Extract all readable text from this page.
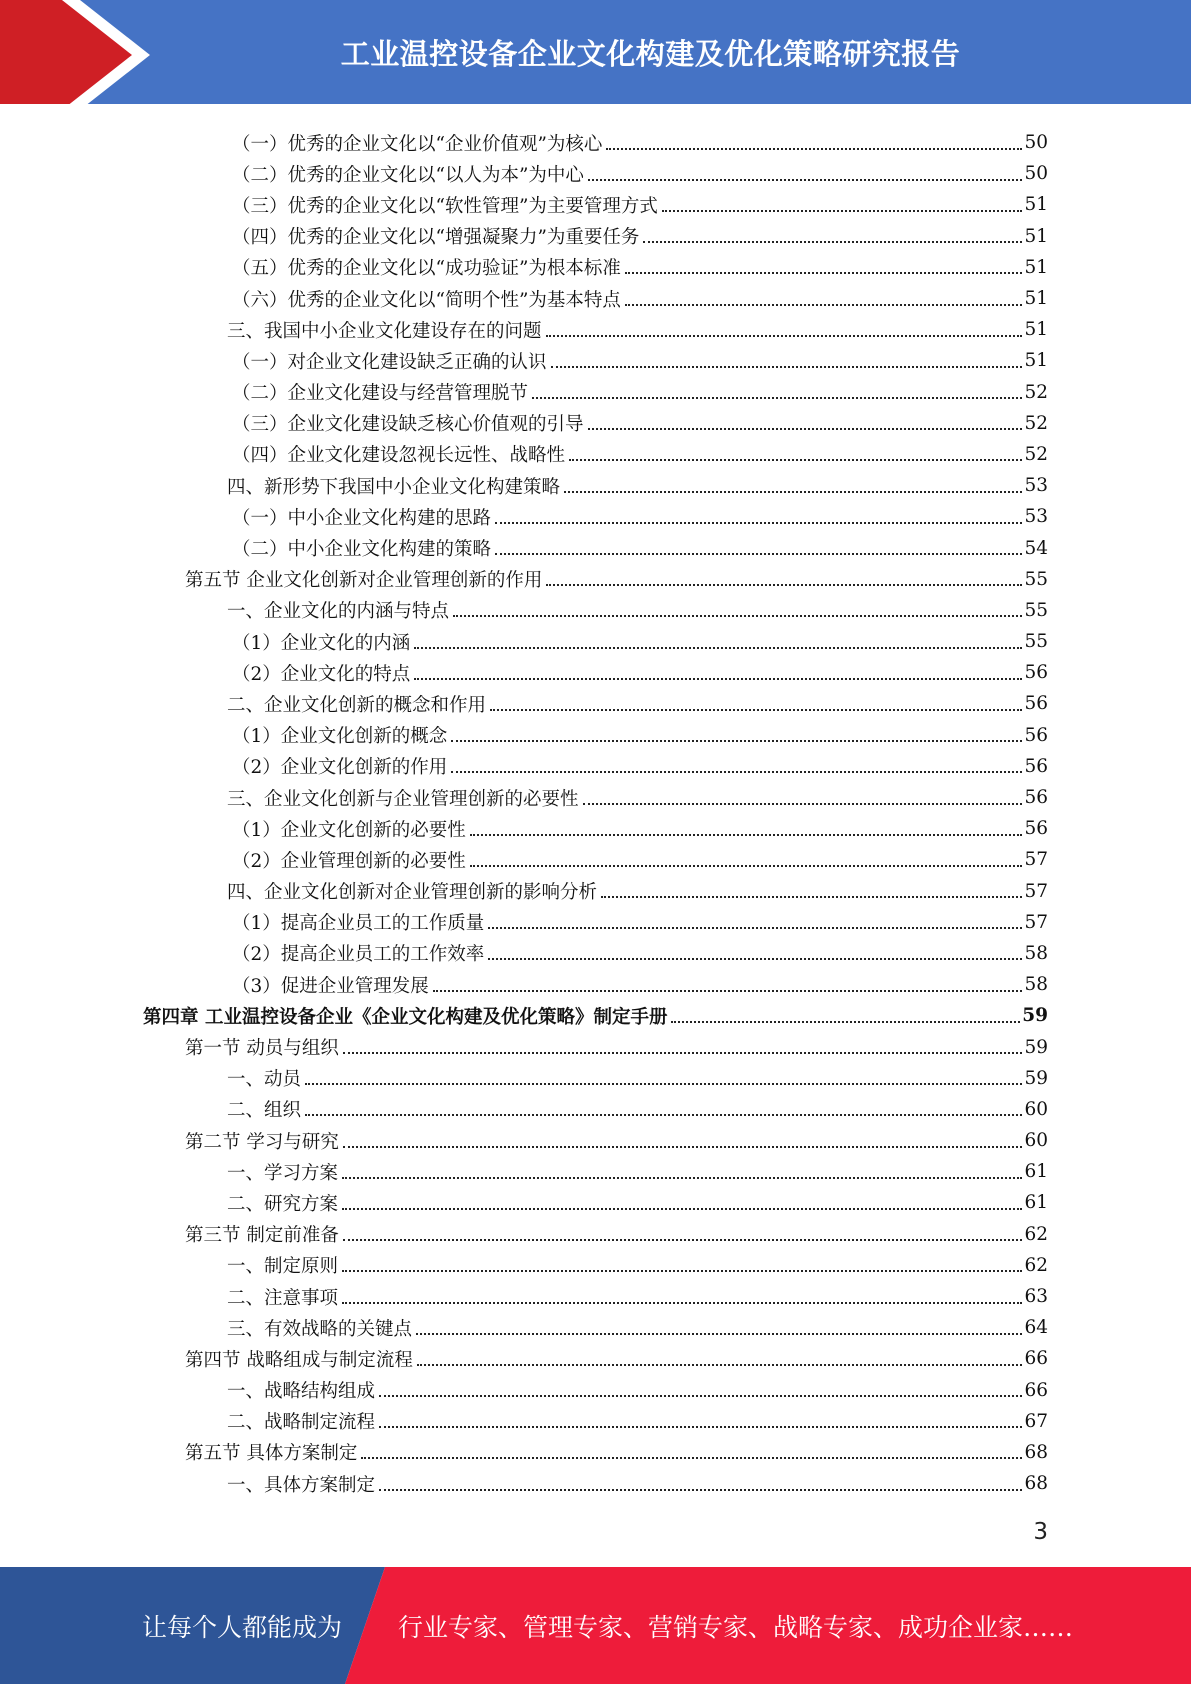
工业温控设备企业文化构建及优化策略研究报告
（一）优秀的企业文化以“企业价值观”为核心	50
（二）优秀的企业文化以“以人为本”为中心	50
（三）优秀的企业文化以“软性管理”为主要管理方式	51
（四）优秀的企业文化以“增强凝聚力”为重要任务	51
（五）优秀的企业文化以“成功验证”为根本标准	51
（六）优秀的企业文化以“简明个性”为基本特点	51
三、我国中小企业文化建设存在的问题	51
（一）对企业文化建设缺乏正确的认识	51
（二）企业文化建设与经营管理脱节	52
（三）企业文化建设缺乏核心价值观的引导	52
（四）企业文化建设忽视长远性、战略性	52
四、新形势下我国中小企业文化构建策略	53
（一）中小企业文化构建的思路	53
（二）中小企业文化构建的策略	54
第五节 企业文化创新对企业管理创新的作用	55
一、企业文化的内涵与特点	55
（1）企业文化的内涵	55
（2）企业文化的特点	56
二、企业文化创新的概念和作用	56
（1）企业文化创新的概念	56
（2）企业文化创新的作用	56
三、企业文化创新与企业管理创新的必要性	56
（1）企业文化创新的必要性	56
（2）企业管理创新的必要性	57
四、企业文化创新对企业管理创新的影响分析	57
（1）提高企业员工的工作质量	57
（2）提高企业员工的工作效率	58
（3）促进企业管理发展	58
第四章 工业温控设备企业《企业文化构建及优化策略》制定手册	59
第一节 动员与组织	59
一、动员	59
二、组织	60
第二节 学习与研究	60
一、学习方案	61
二、研究方案	61
第三节 制定前准备	62
一、制定原则	62
二、注意事项	63
三、有效战略的关键点	64
第四节 战略组成与制定流程	66
一、战略结构组成	66
二、战略制定流程	67
第五节 具体方案制定	68
一、具体方案制定	68
3
让每个人都能成为 行业专家、管理专家、营销专家、战略专家、成功企业家……
